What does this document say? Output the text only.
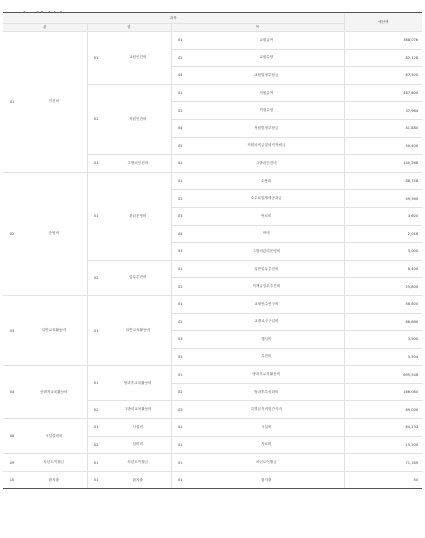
과목						예산액
관		항		목		
01	인건비	01	교원인건비	01	교원급여	368,076
				02	교원수당	82,128
				04	교원법정부담금	67,500
		02	직원인건비	01	직원급여	467,800
				02	직원수당	37,964
				04	직원법정부담금	41,880
				05	직원퇴직금및퇴직적립금	50,400
		03	그밖의인건비	01	그밖의인건비	140,268
02	운영비	01	관리운영비	01	수용비	88,758
				02	수수료및제세공과금	49,560
				03	연료비	3,600
				04	여비	2,016
				05	그밖의관리운영비	3,000
		02	업무추진비	01	일반업무추진비	8,400
				02	직책급업무추진비	25,800
03	일반교육활동비	01	일반교육활동비	01	교재연수연구비	58,800
				02	교재교구구입비	66,880
				03	행사비	3,500
				05	특전비	5,504
04	선택적교육활동비	01	방과후교육활동비	01	방과후교육활동비	695,546
				02	방과후특성화비	166,080
		02	그밖의교육활동비	03	특별급식비및간식비	69,000
08	시설설비비	01	시설비	01	시설비	64,133
		02	설비비	01	자료비	15,200
09	차년도이월금	01	차년도이월금	01	차년도이월금	71,169
10	잡지출	01	잡지출	01	잡지출	50
